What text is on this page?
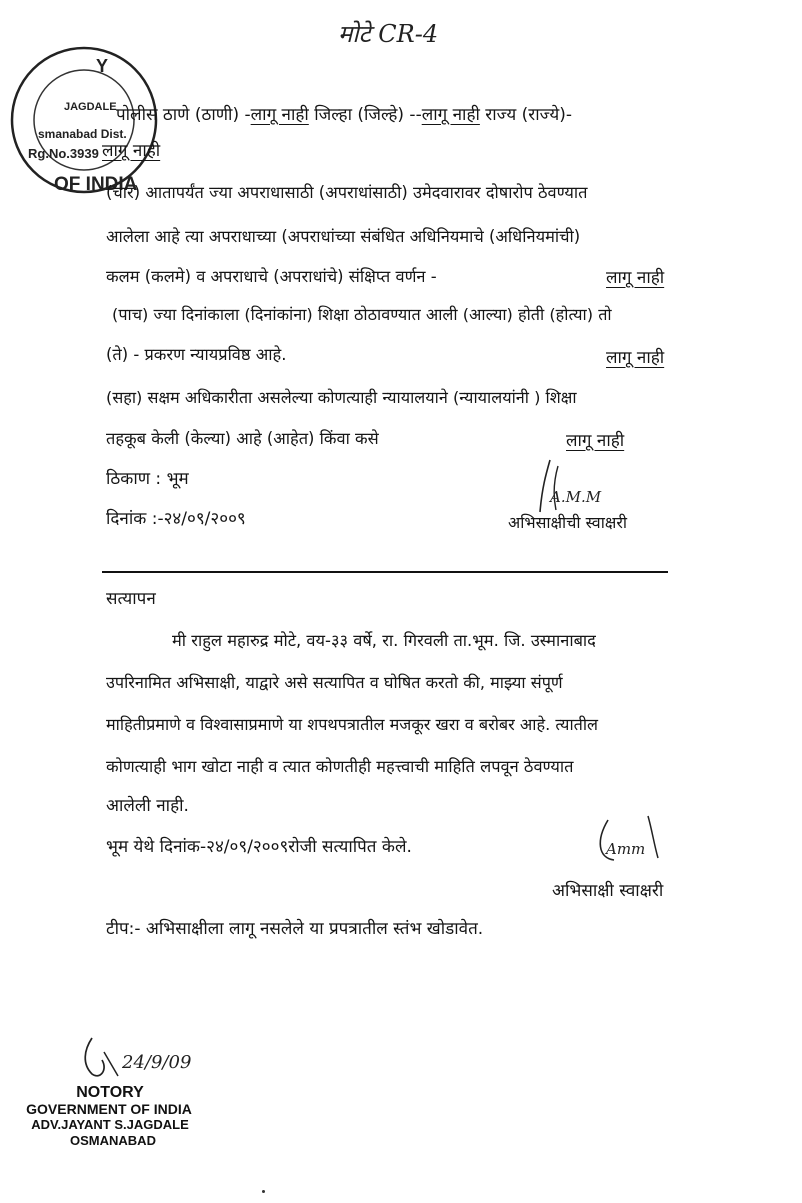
मोटे CR-4
Y
JAGDALE
smanabad Dist.
Rg.No.3939
OF INDIA
पोलीस ठाणे (ठाणी) -लागू नाही जिल्हा (जिल्हे) --लागू नाही राज्य (राज्ये)-
लागू नाही
(चार) आतापर्यंत ज्या अपराधासाठी (अपराधांसाठी) उमेदवारावर दोषारोप ठेवण्यात
आलेला आहे त्या अपराधाच्या (अपराधांच्या संबंधित अधिनियमाचे (अधिनियमांची)
कलम (कलमे) व अपराधाचे (अपराधांचे) संक्षिप्त वर्णन -	लागू नाही
(पाच) ज्या दिनांकाला (दिनांकांना) शिक्षा ठोठावण्यात आली (आल्या) होती (होत्या) तो
(ते) - प्रकरण न्यायप्रविष्ठ आहे.	लागू नाही
(सहा) सक्षम अधिकारीता असलेल्या कोणत्याही न्यायालयाने (न्यायालयांनी ) शिक्षा
तहकूब केली (केल्या) आहे (आहेत) किंवा कसे	लागू नाही
ठिकाण : भूम
दिनांक :-२४/०९/२००९
A.M.M
अभिसाक्षीची स्वाक्षरी
सत्यापन
मी राहुल महारुद्र मोटे, वय-३३ वर्षे, रा. गिरवली ता.भूम. जि. उस्मानाबाद
उपरिनामित अभिसाक्षी, याद्वारे असे सत्यापित व घोषित करतो की, माझ्या संपूर्ण
माहितीप्रमाणे व विश्वासाप्रमाणे या शपथपत्रातील मजकूर खरा व बरोबर आहे. त्यातील
कोणत्याही भाग खोटा नाही व त्यात कोणतीही महत्त्वाची माहिति लपवून ठेवण्यात
आलेली नाही.
भूम येथे दिनांक-२४/०९/२००९रोजी सत्यापित केले.	Amm
अभिसाक्षी स्वाक्षरी
टीप:- अभिसाक्षीला लागू नसलेले या प्रपत्रातील स्तंभ खोडावेत.
24/9/09
NOTORY
GOVERNMENT OF INDIA
ADV.JAYANT S.JAGDALE
OSMANABAD
